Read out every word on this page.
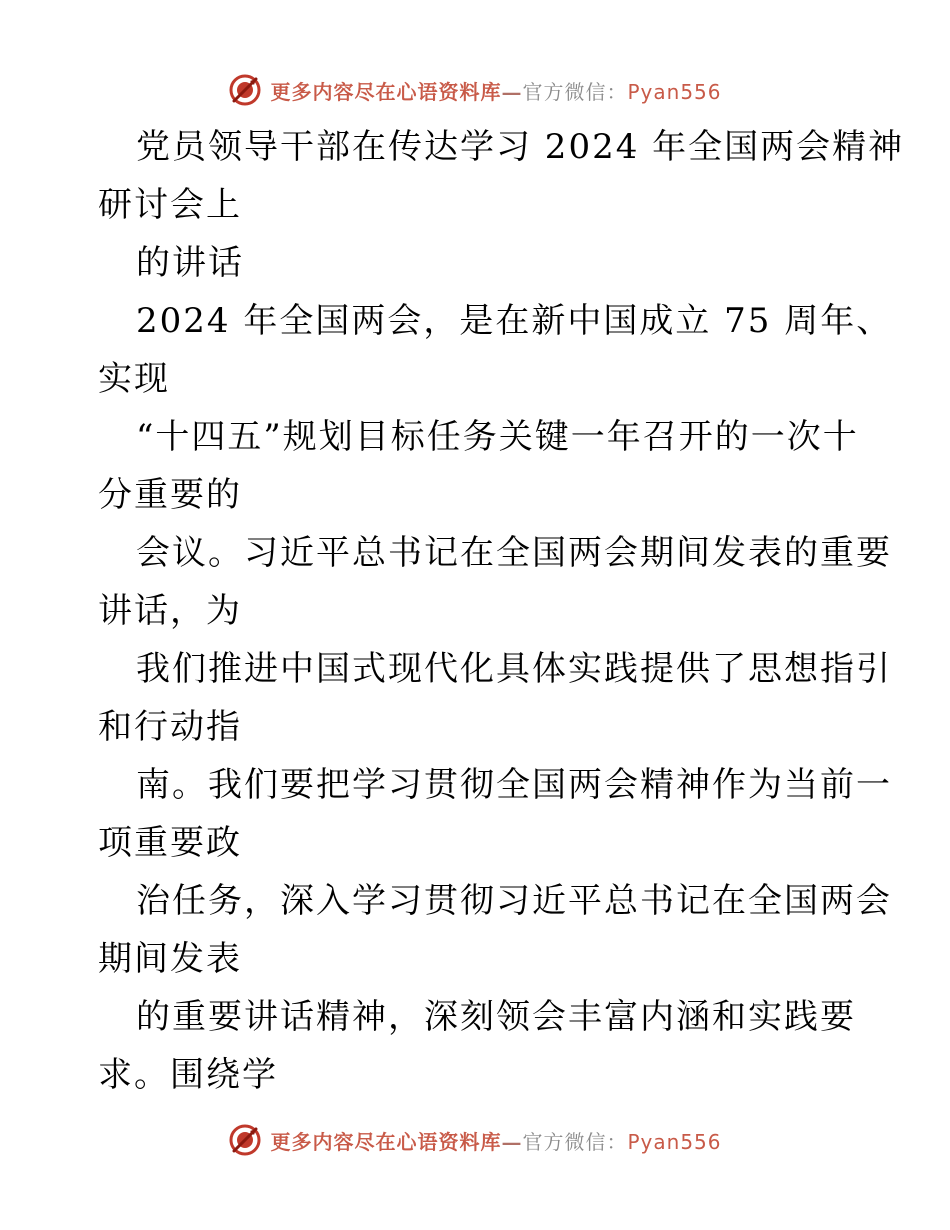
更多内容尽在心语资料库—官方微信：Pyan556
党员领导干部在传达学习 2024 年全国两会精神
研讨会上
的讲话
2024 年全国两会，是在新中国成立 75 周年、
实现
“十四五”规划目标任务关键一年召开的一次十
分重要的
会议。习近平总书记在全国两会期间发表的重要
讲话，为
我们推进中国式现代化具体实践提供了思想指引
和行动指
南。我们要把学习贯彻全国两会精神作为当前一
项重要政
治任务，深入学习贯彻习近平总书记在全国两会
期间发表
的重要讲话精神，深刻领会丰富内涵和实践要
求。围绕学
更多内容尽在心语资料库—官方微信：Pyan556
